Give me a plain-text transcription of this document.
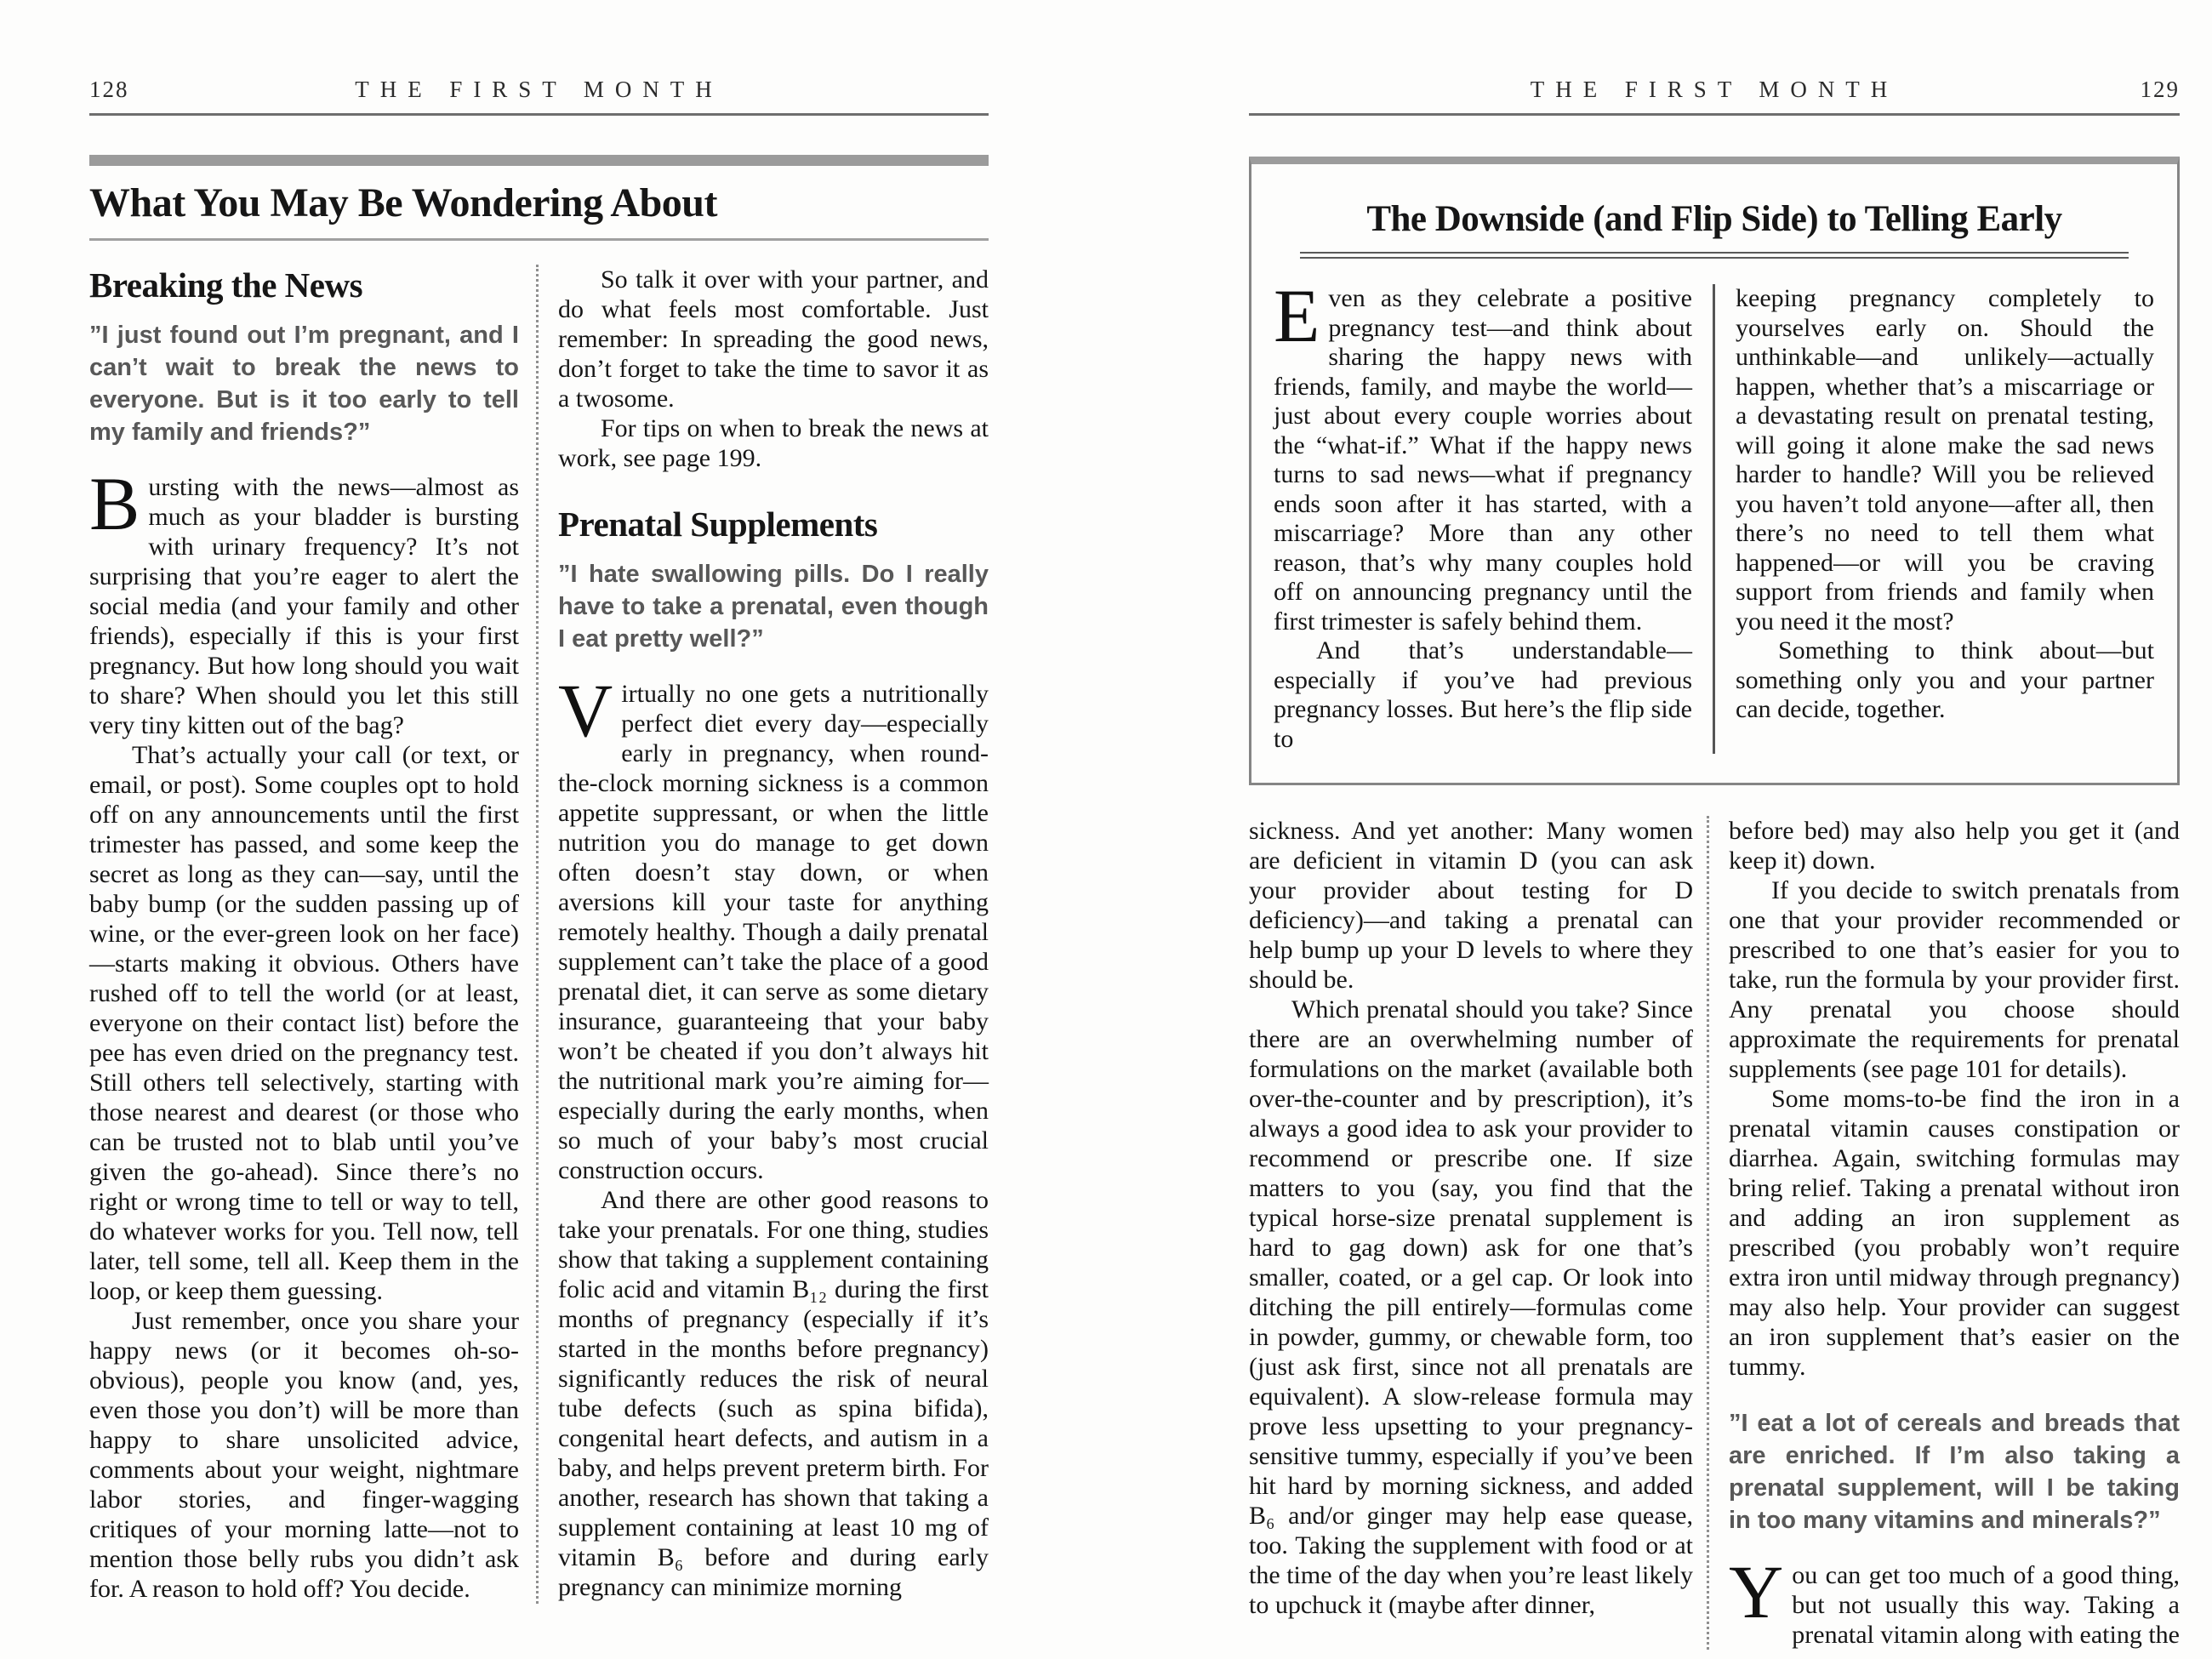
128	THE FIRST MONTH
What You May Be Wondering About
Breaking the News

”I just found out I’m pregnant, and I can’t wait to break the news to everyone. But is it too early to tell my family and friends?”

Bursting with the news—almost as much as your bladder is bursting with urinary frequency? It’s not surprising that you’re eager to alert the social media (and your family and other friends), especially if this is your first pregnancy. But how long should you wait to share? When should you let this still very tiny kitten out of the bag?

That’s actually your call (or text, or email, or post). Some couples opt to hold off on any announcements until the first trimester has passed, and some keep the secret as long as they can—say, until the baby bump (or the sudden passing up of wine, or the ever-green look on her face)—starts making it obvious. Others have rushed off to tell the world (or at least, everyone on their contact list) before the pee has even dried on the pregnancy test. Still others tell selectively, starting with those nearest and dearest (or those who can be trusted not to blab until you’ve given the go-ahead). Since there’s no right or wrong time to tell or way to tell, do whatever works for you. Tell now, tell later, tell some, tell all. Keep them in the loop, or keep them guessing.

Just remember, once you share your happy news (or it becomes oh-so-obvious), people you know (and, yes, even those you don’t) will be more than happy to share unsolicited advice, comments about your weight, nightmare labor stories, and finger-wagging critiques of your morning latte—not to mention those belly rubs you didn’t ask for. A reason to hold off? You decide.

So talk it over with your partner, and do what feels most comfortable. Just remember: In spreading the good news, don’t forget to take the time to savor it as a twosome.

For tips on when to break the news at work, see page 199.

Prenatal Supplements

”I hate swallowing pills. Do I really have to take a prenatal, even though I eat pretty well?”

Virtually no one gets a nutritionally perfect diet every day—especially early in pregnancy, when round-the-clock morning sickness is a common appetite suppressant, or when the little nutrition you do manage to get down often doesn’t stay down, or when aversions kill your taste for anything remotely healthy. Though a daily prenatal supplement can’t take the place of a good prenatal diet, it can serve as some dietary insurance, guaranteeing that your baby won’t be cheated if you don’t always hit the nutritional mark you’re aiming for—especially during the early months, when so much of your baby’s most crucial construction occurs.

And there are other good reasons to take your prenatals. For one thing, studies show that taking a supplement containing folic acid and vitamin B₁₂ during the first months of pregnancy (especially if it’s started in the months before pregnancy) significantly reduces the risk of neural tube defects (such as spina bifida), congenital heart defects, and autism in a baby, and helps prevent preterm birth. For another, research has shown that taking a supplement containing at least 10 mg of vitamin B₆ before and during early pregnancy can minimize morning

THE FIRST MONTH	129
The Downside (and Flip Side) to Telling Early

Even as they celebrate a positive pregnancy test—and think about sharing the happy news with friends, family, and maybe the world—just about every couple worries about the “what-if.” What if the happy news turns to sad news—what if pregnancy ends soon after it has started, with a miscarriage? More than any other reason, that’s why many couples hold off on announcing pregnancy until the first trimester is safely behind them.

And that’s understandable—especially if you’ve had previous pregnancy losses. But here’s the flip side to

keeping pregnancy completely to yourselves early on. Should the unthinkable—and unlikely—actually happen, whether that’s a miscarriage or a devastating result on prenatal testing, will going it alone make the sad news harder to handle? Will you be relieved you haven’t told anyone—after all, then there’s no need to tell them what happened—or will you be craving support from friends and family when you need it the most?

Something to think about—but something only you and your partner can decide, together.

sickness. And yet another: Many women are deficient in vitamin D (you can ask your provider about testing for D deficiency)—and taking a prenatal can help bump up your D levels to where they should be.

Which prenatal should you take? Since there are an overwhelming number of formulations on the market (available both over-the-counter and by prescription), it’s always a good idea to ask your provider to recommend or prescribe one. If size matters to you (say, you find that the typical horse-size prenatal supplement is hard to gag down) ask for one that’s smaller, coated, or a gel cap. Or look into ditching the pill entirely—formulas come in powder, gummy, or chewable form, too (just ask first, since not all prenatals are equivalent). A slow-release formula may prove less upsetting to your pregnancy-sensitive tummy, especially if you’ve been hit hard by morning sickness, and added B₆ and/or ginger may help ease quease, too. Taking the supplement with food or at the time of the day when you’re least likely to upchuck it (maybe after dinner,

before bed) may also help you get it (and keep it) down.

If you decide to switch prenatals from one that your provider recommended or prescribed to one that’s easier for you to take, run the formula by your provider first. Any prenatal you choose should approximate the requirements for prenatal supplements (see page 101 for details).

Some moms-to-be find the iron in a prenatal vitamin causes constipation or diarrhea. Again, switching formulas may bring relief. Taking a prenatal without iron and adding an iron supplement as prescribed (you probably won’t require extra iron until midway through pregnancy) may also help. Your provider can suggest an iron supplement that’s easier on the tummy.

”I eat a lot of cereals and breads that are enriched. If I’m also taking a prenatal supplement, will I be taking in too many vitamins and minerals?”

You can get too much of a good thing, but not usually this way. Taking a prenatal vitamin along with eating the
